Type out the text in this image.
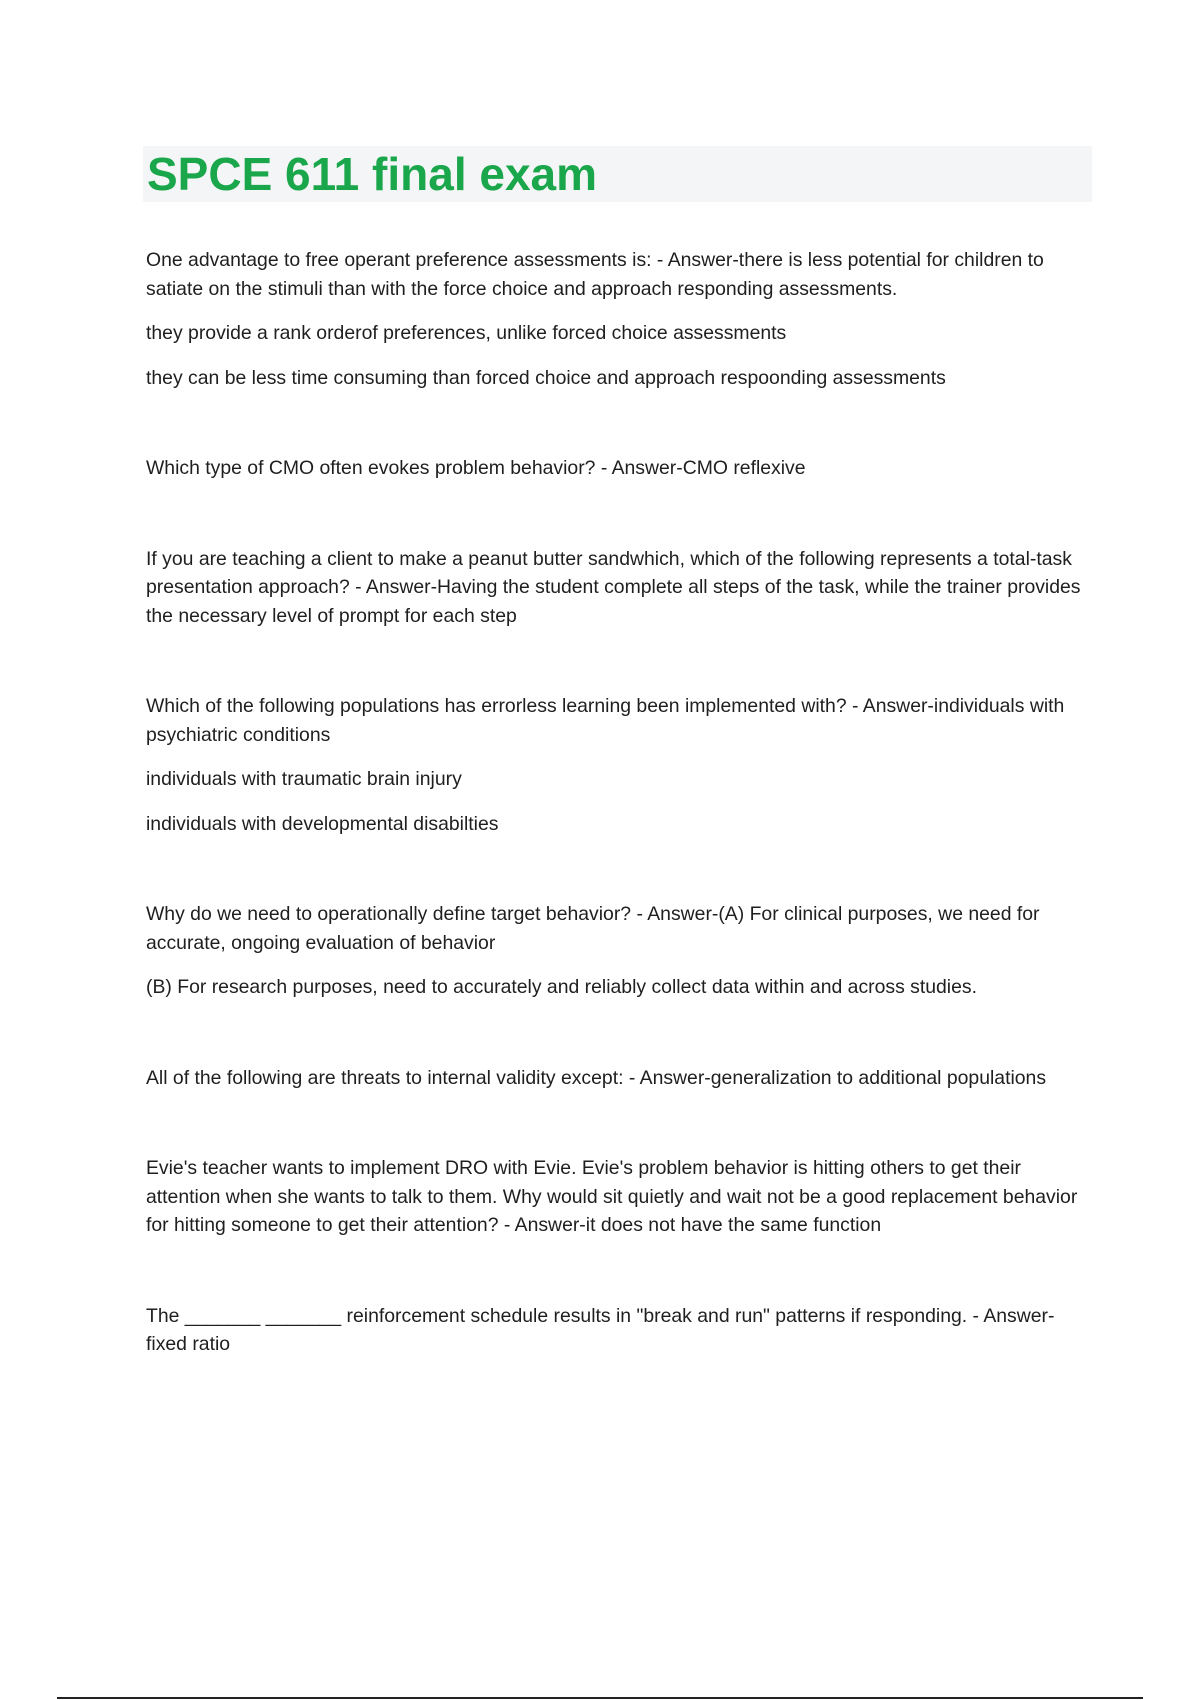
SPCE 611 final exam

One advantage to free operant preference assessments is: - Answer-there is less potential for children to satiate on the stimuli than with the force choice and approach responding assessments.

they provide a rank orderof preferences, unlike forced choice assessments

they can be less time consuming than forced choice and approach respoonding assessments

Which type of CMO often evokes problem behavior? - Answer-CMO reflexive

If you are teaching a client to make a peanut butter sandwhich, which of the following represents a total-task presentation approach? - Answer-Having the student complete all steps of the task, while the trainer provides the necessary level of prompt for each step

Which of the following populations has errorless learning been implemented with? - Answer-individuals with psychiatric conditions

individuals with traumatic brain injury

individuals with developmental disabilties

Why do we need to operationally define target behavior? - Answer-(A) For clinical purposes, we need for accurate, ongoing evaluation of behavior

(B) For research purposes, need to accurately and reliably collect data within and across studies.

All of the following are threats to internal validity except: - Answer-generalization to additional populations

Evie's teacher wants to implement DRO with Evie. Evie's problem behavior is hitting others to get their attention when she wants to talk to them. Why would sit quietly and wait not be a good replacement behavior for hitting someone to get their attention? - Answer-it does not have the same function

The _______ _______ reinforcement schedule results in "break and run" patterns if responding. - Answer-fixed ratio
